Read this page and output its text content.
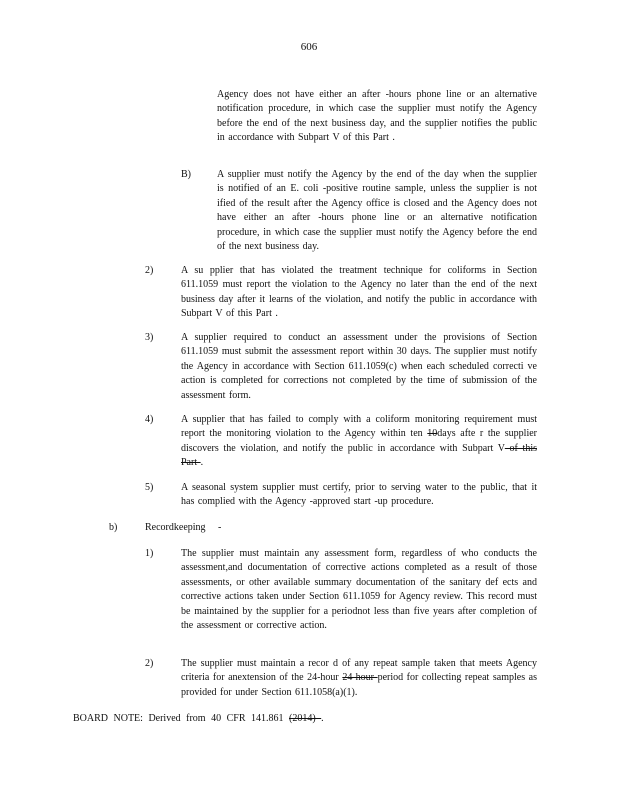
606
Agency does not have either an after -hours phone line or an alternative notification procedure, in which case the supplier must notify the Agency before the end of the next business day, and the supplier notifies the public in accordance with Subpart V of this Part .
B)	A supplier must notify the Agency by the end of the day when the supplier is notified of an E. coli -positive routine sample, unless the supplier is not ified of the result after the Agency office is closed and the Agency does not have either an after -hours phone line or an alternative notification procedure, in which case the supplier must notify the Agency before the end of the next business day.
2)	A su pplier that has violated the treatment technique for coliforms in Section 611.1059 must report the violation to the Agency no later than the end of the next business day after it learns of the violation, and notify the public in accordance with Subpart V of this Part .
3)	A supplier required to conduct an assessment under the provisions of Section 611.1059 must submit the assessment report within 30 days. The supplier must notify the Agency in accordance with Section 611.1059(c) when each scheduled correcti ve action is completed for corrections not completed by the time of submission of the assessment form.
4)	A supplier that has failed to comply with a coliform monitoring requirement must report the monitoring violation to the Agency within ten 10days afte r the supplier discovers the violation, and notify the public in accordance with Subpart V of this Part .
5)	A seasonal system supplier must certify, prior to serving water to the public, that it has complied with the Agency -approved start -up procedure.
b)	Recordkeeping -
1)	The supplier must maintain any assessment form, regardless of who conducts the assessment,and documentation of corrective actions completed as a result of those assessments, or other available summary documentation of the sanitary def ects and corrective actions taken under Section 611.1059 for Agency review. This record must be maintained by the supplier for a periodnot less than five years after completion of the assessment or corrective action.
2)	The supplier must maintain a recor d of any repeat sample taken that meets Agency criteria for anextension of the 24-hour 24-hour period for collecting repeat samples as provided for under Section 611.1058(a)(1).
BOARD NOTE: Derived from 40 CFR 141.861 (2014) .
